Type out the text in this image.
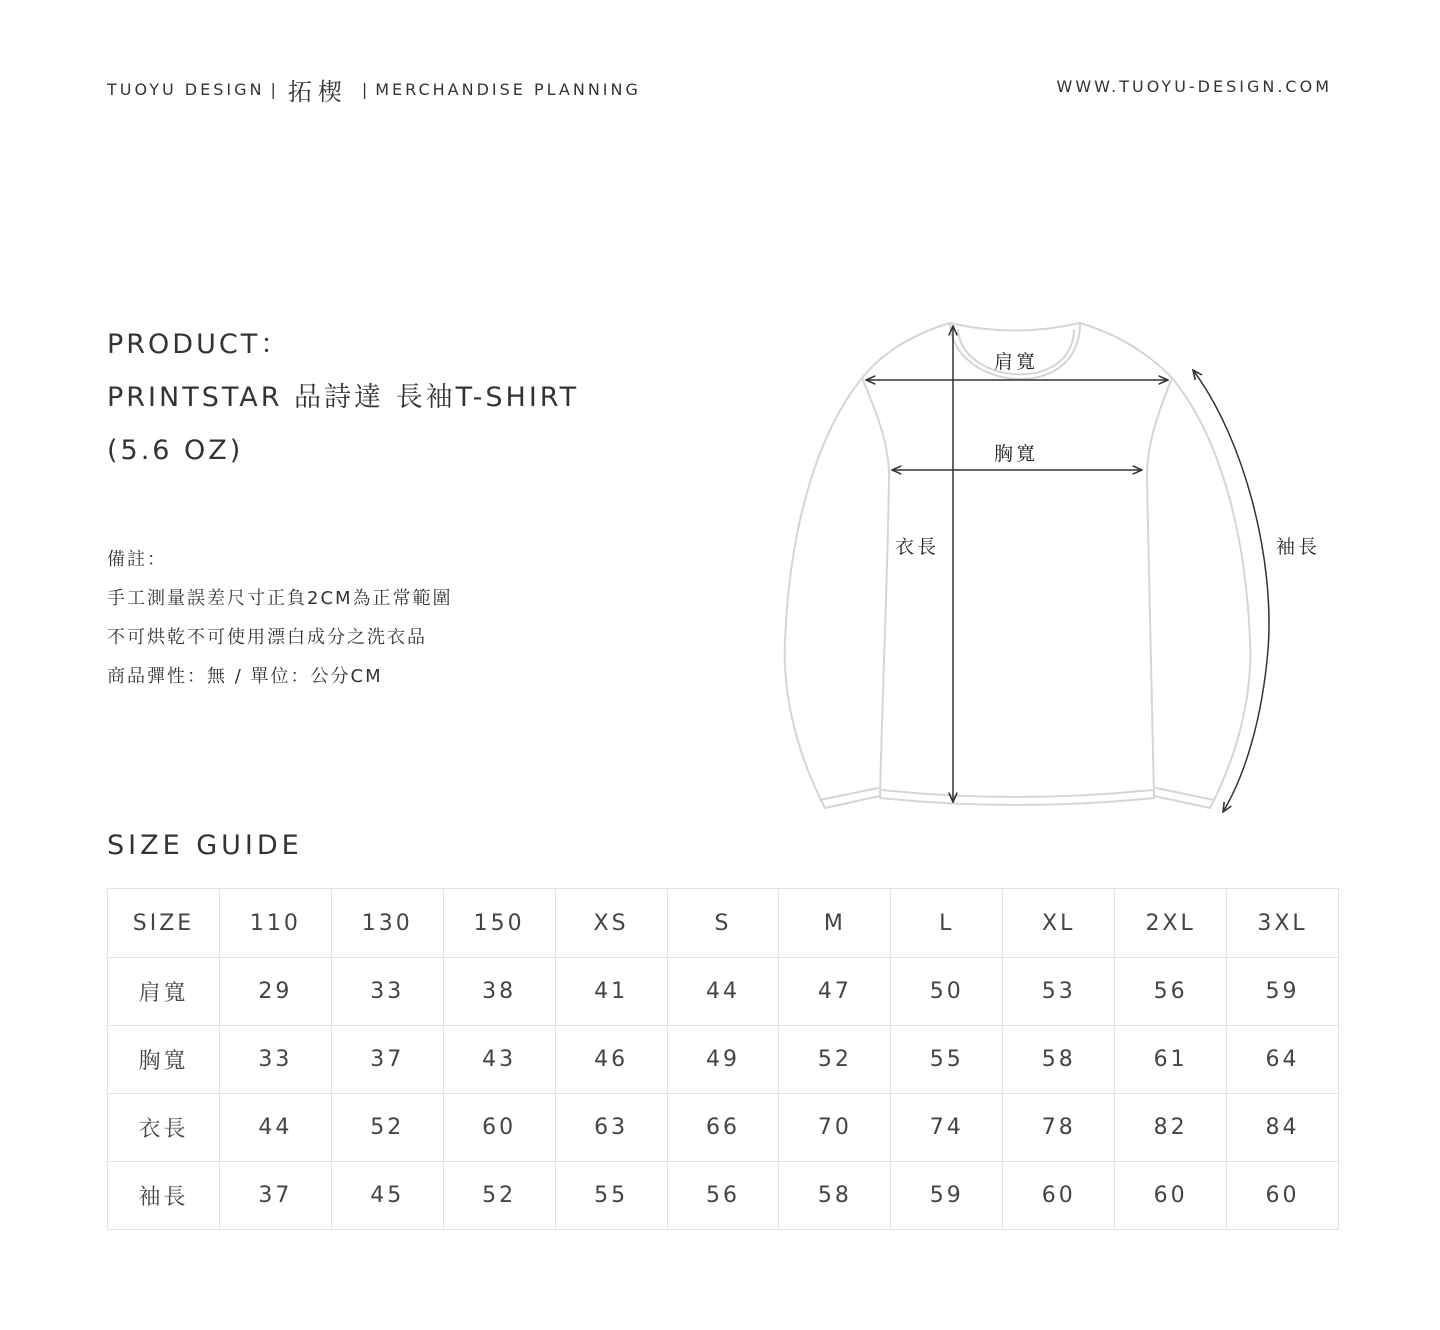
TUOYU DESIGN | 拓楔 | MERCHANDISE PLANNING	WWW.TUOYU-DESIGN.COM
PRODUCT：
PRINTSTAR 品詩達 長袖T-SHIRT
(5.6 OZ)
備註：
手工測量誤差尺寸正負2CM為正常範圍
不可烘乾不可使用漂白成分之洗衣品
商品彈性：無 / 單位：公分CM
肩寬
胸寬
衣長	袖長
SIZE GUIDE
SIZE	110	130	150	XS	S	M	L	XL	2XL	3XL
肩寬	29	33	38	41	44	47	50	53	56	59
胸寬	33	37	43	46	49	52	55	58	61	64
衣長	44	52	60	63	66	70	74	78	82	84
袖長	37	45	52	55	56	58	59	60	60	60
